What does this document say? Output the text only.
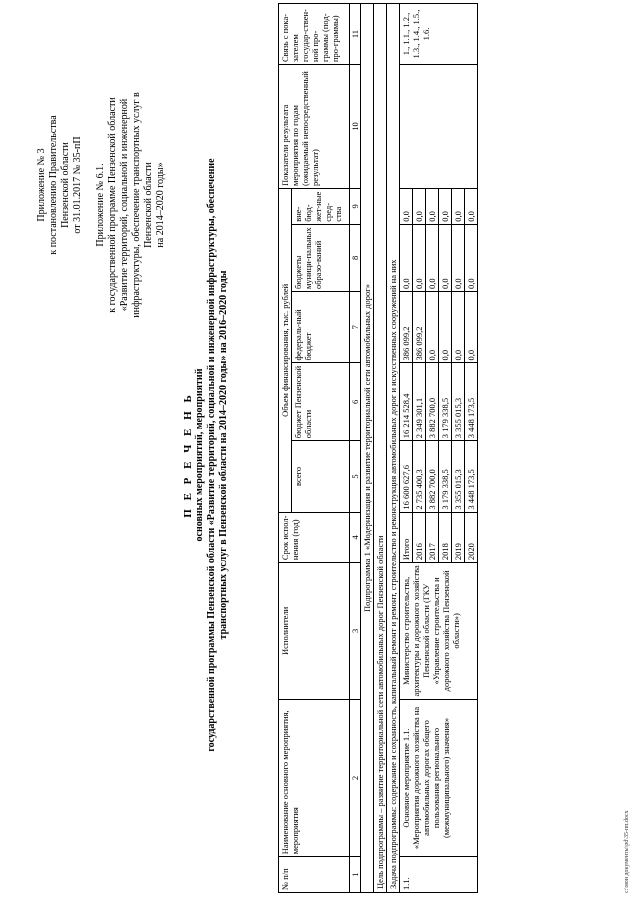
Приложение № 3 к постановлению Правительства Пензенской области от 31.01.2017 № 35-пП Приложение № 6.1. к государственной программе Пензенской области «Развитие территорий, социальной и инженерной инфраструктуры, обеспечение транспортных услуг в Пензенской области на 2014–2020 годы»
П Е Р Е Ч Е Н Ь основных мероприятий, мероприятий государственной программы Пензенской области «Развитие территорий, социальной и инженерной инфраструктуры, обеспечение транспортных услуг в Пензенской области на 2014–2020 годы» на 2016–2020 годы
№ п/п	Наименование основного мероприятия, мероприятия	Исполнители	Срок испол-нения (год)	Объем финансирования, тыс. рублей					Показатели результата мероприятия по годам (ожидаемый непосредственный результат)	Связь с пока-зателем государ-ствен-ной про-граммы (под-про-граммы)
				всего	бюджет Пензенской области	федераль-ный бюджет	бюджеты муници-пальных образо-ваний	вне-бюд-жет-ные сред-ства		
1	2	3	4	5	6	7	8	9	10	11
Подпрограмма 1 «Модернизация и развитие территориальной сети автомобильных дорог»										
Цель подпрограммы – развитие территориальной сети автомобильных дорог Пензенской области										
Задача подпрограммы: содержание и сохранность, капитальный ремонт и ремонт, строительство и реконструкция автомобильных дорог и искусственных сооружений на них										
1.1.	Основное мероприятие 1.1. «Мероприятия дорожного хозяйства на автомобильных дорогах общего пользования регионального (межмуниципального) значения»	Министерство строительства, архитектуры и дорожного хозяйства Пензенской области (ГКУ «Управление строительства и дорожного хозяйства Пензенской области»)	Итого	16 600 627,6	16 214 528,4	386 099,2	0,0	0,0		1., 1.1., 1.2., 1.3., 1.4., 1.5., 1.6.
			2016	2 735 400,3	2 349 301,1	386 099,2	0,0	0,0		
			2017	3 882 700,0	3 882 700,0	0,0	0,0	0,0		
			2018	3 179 338,5	3 179 338,5	0,0	0,0	0,0		
			2019	3 355 015,3	3 355 015,3	0,0	0,0	0,0		
			2020	3 448 173,5	3 448 173,5	0,0	0,0	0,0		
c:\мои документы\pd\35-пп.docx
